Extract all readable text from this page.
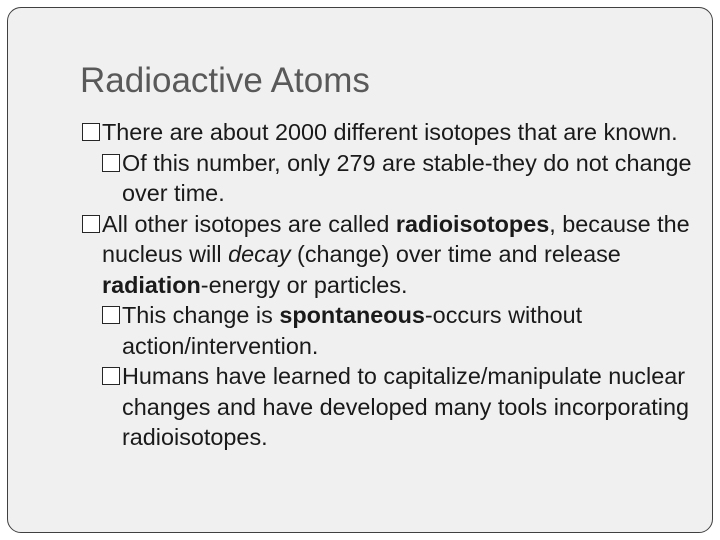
Radioactive Atoms

There are about 2000 different isotopes that are known.

Of this number, only 279 are stable-they do not change over time.

All other isotopes are called radioisotopes, because the nucleus will decay (change) over time and release radiation-energy or particles.

This change is spontaneous-occurs without action/intervention.

Humans have learned to capitalize/manipulate nuclear changes and have developed many tools incorporating radioisotopes.
